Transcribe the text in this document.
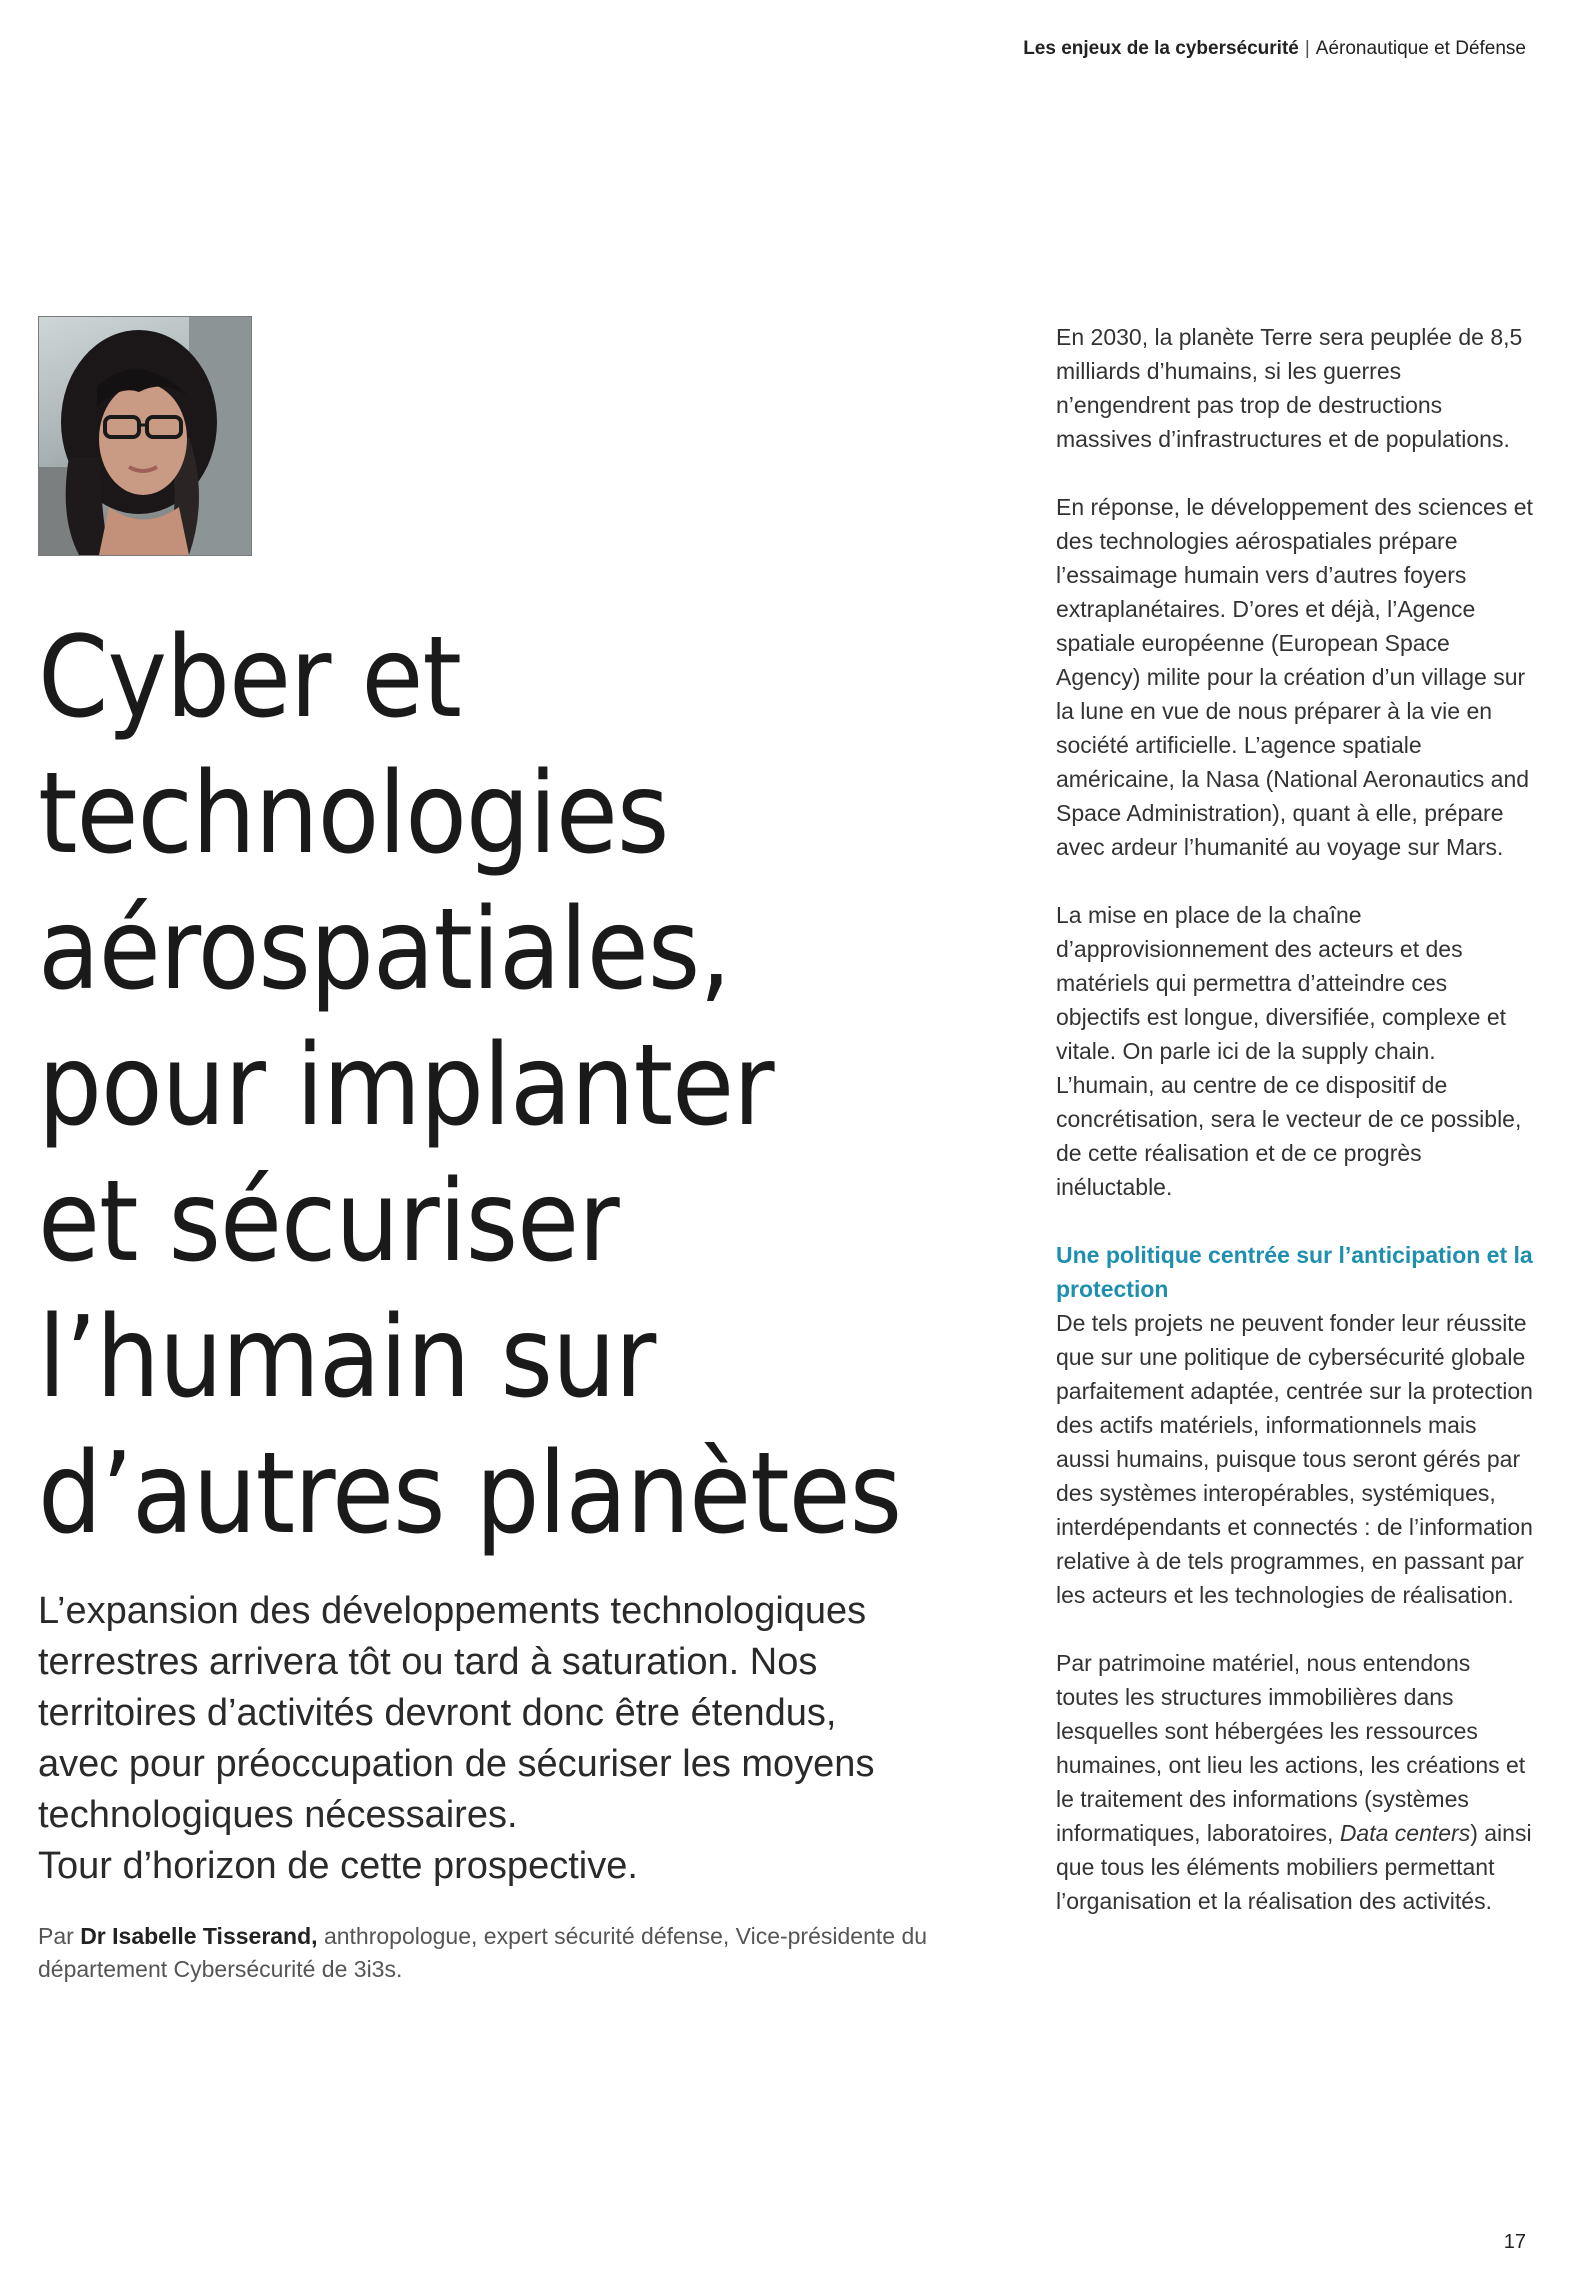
Les enjeux de la cybersécurité | Aéronautique et Défense
Cyber et
technologies
aérospatiales,
pour implanter
et sécuriser
l’humain sur
d’autres planètes
L’expansion des développements technologiques
terrestres arrivera tôt ou tard à saturation. Nos
territoires d’activités devront donc être étendus,
avec pour préoccupation de sécuriser les moyens
technologiques nécessaires.
Tour d’horizon de cette prospective.
Par Dr Isabelle Tisserand, anthropologue, expert sécurité défense, Vice-présidente du département Cybersécurité de 3i3s.

En 2030, la planète Terre sera peuplée de 8,5 milliards d’humains, si les guerres n’engendrent pas trop de destructions massives d’infrastructures et de populations.

En réponse, le développement des sciences et des technologies aérospatiales prépare l’essaimage humain vers d’autres foyers extraplanétaires. D’ores et déjà, l’Agence spatiale européenne (European Space Agency) milite pour la création d’un village sur la lune en vue de nous préparer à la vie en société artificielle. L’agence spatiale américaine, la Nasa (National Aeronautics and Space Administration), quant à elle, prépare avec ardeur l’humanité au voyage sur Mars.

La mise en place de la chaîne d’approvisionnement des acteurs et des matériels qui permettra d’atteindre ces objectifs est longue, diversifiée, complexe et vitale. On parle ici de la supply chain. L’humain, au centre de ce dispositif de concrétisation, sera le vecteur de ce possible, de cette réalisation et de ce progrès inéluctable.

Une politique centrée sur l’anticipation et la protection

De tels projets ne peuvent fonder leur réussite que sur une politique de cybersécurité globale parfaitement adaptée, centrée sur la protection des actifs matériels, informationnels mais aussi humains, puisque tous seront gérés par des systèmes interopérables, systémiques, interdépendants et connectés : de l’information relative à de tels programmes, en passant par les acteurs et les technologies de réalisation.

Par patrimoine matériel, nous entendons toutes les structures immobilières dans lesquelles sont hébergées les ressources humaines, ont lieu les actions, les créations et le traitement des informations (systèmes informatiques, laboratoires, Data centers) ainsi que tous les éléments mobiliers permettant l’organisation et la réalisation des activités.

17
